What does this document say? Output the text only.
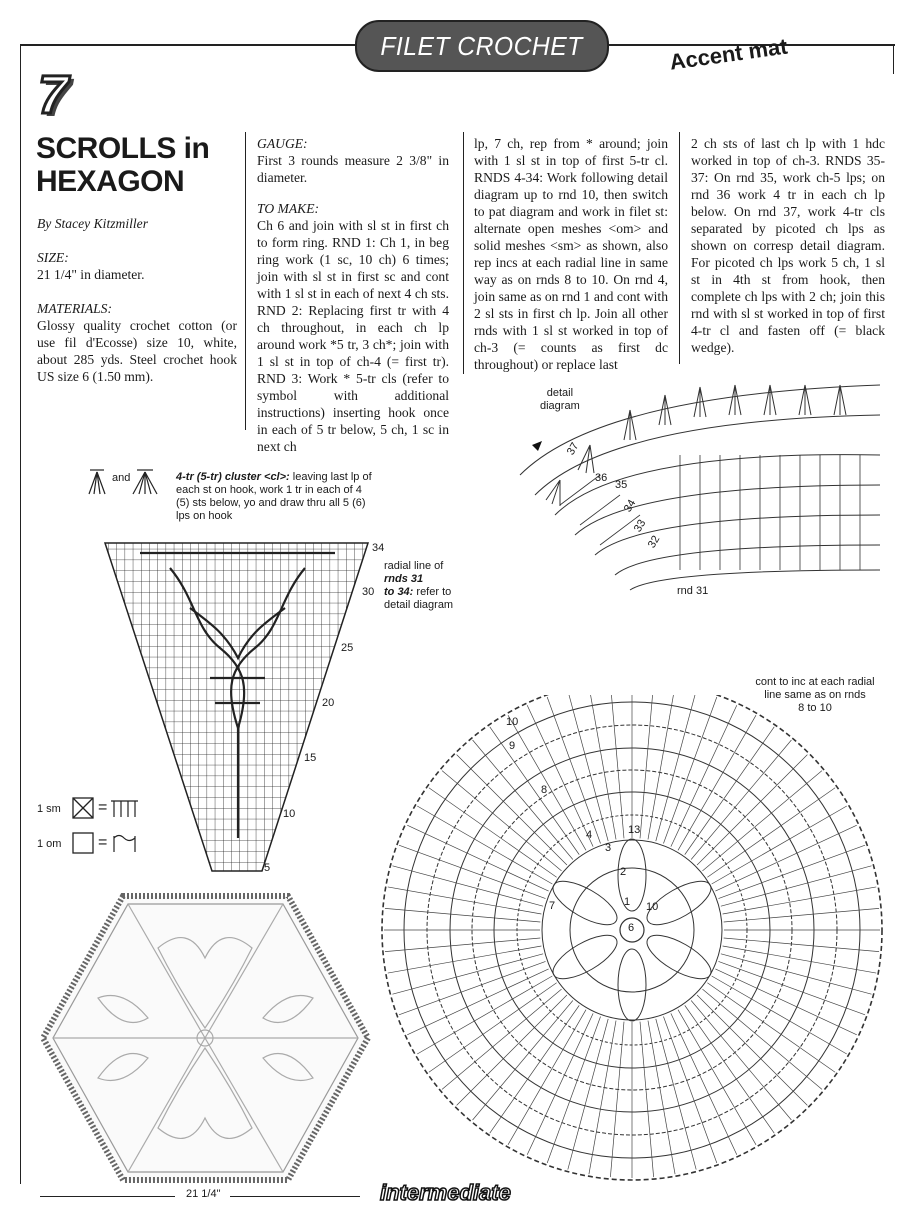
FILET CROCHET	Accent mat
7
SCROLLS in
HEXAGON
By Stacey Kitzmiller
SIZE:
21 1/4" in diameter.
MATERIALS:
Glossy quality crochet cotton (or use fil d'Ecosse) size 10, white, about 285 yds. Steel crochet hook US size 6 (1.50 mm).
GAUGE:
First 3 rounds measure 2 3/8" in diameter.
TO MAKE:
Ch 6 and join with sl st in first ch to form ring. RND 1: Ch 1, in beg ring work (1 sc, 10 ch) 6 times; join with sl st in first sc and cont with 1 sl st in each of next 4 ch sts. RND 2: Replacing first tr with 4 ch throughout, in each ch lp around work *5 tr, 3 ch*; join with 1 sl st in top of ch-4 (= first tr). RND 3: Work * 5-tr cls (refer to symbol with additional instructions) inserting hook once in each of 5 tr below, 5 ch, 1 sc in next ch
lp, 7 ch, rep from * around; join with 1 sl st in top of first 5-tr cl. RNDS 4-34: Work following detail diagram up to rnd 10, then switch to pat diagram and work in filet st: alternate open meshes <om> and solid meshes <sm> as shown, also rep incs at each radial line in same way as on rnds 8 to 10. On rnd 4, join same as on rnd 1 and cont with 2 sl sts in first ch lp. Join all other rnds with 1 sl st worked in top of ch-3 (= counts as first dc throughout) or replace last
2 ch sts of last ch lp with 1 hdc worked in top of ch-3. RNDS 35-37: On rnd 35, work ch-5 lps; on rnd 36 work 4 tr in each ch lp below. On rnd 37, work 4-tr cls separated by picoted ch lps as shown on corresp detail diagram. For picoted ch lps work 5 ch, 1 sl st in 4th st from hook, then complete ch lps with 2 ch; join this rnd with sl st worked in top of first 4-tr cl and fasten off (= black wedge).
and	4-tr (5-tr) cluster <cl>: leaving last lp of each st on hook, work 1 tr in each of 4 (5) sts below, yo and draw thru all 5 (6) lps on hook
34
30
25
20
15
10
5
radial line of
rnds 31
to 34: refer to detail diagram
1 sm =
1 om =
detail
diagram
37
36
35
34
33
32
rnd 31
cont to inc at each radial
line same as on rnds
8 to 10
10
9
8
4	13
3
2
7	1 10
6
21 1/4"	intermediate
